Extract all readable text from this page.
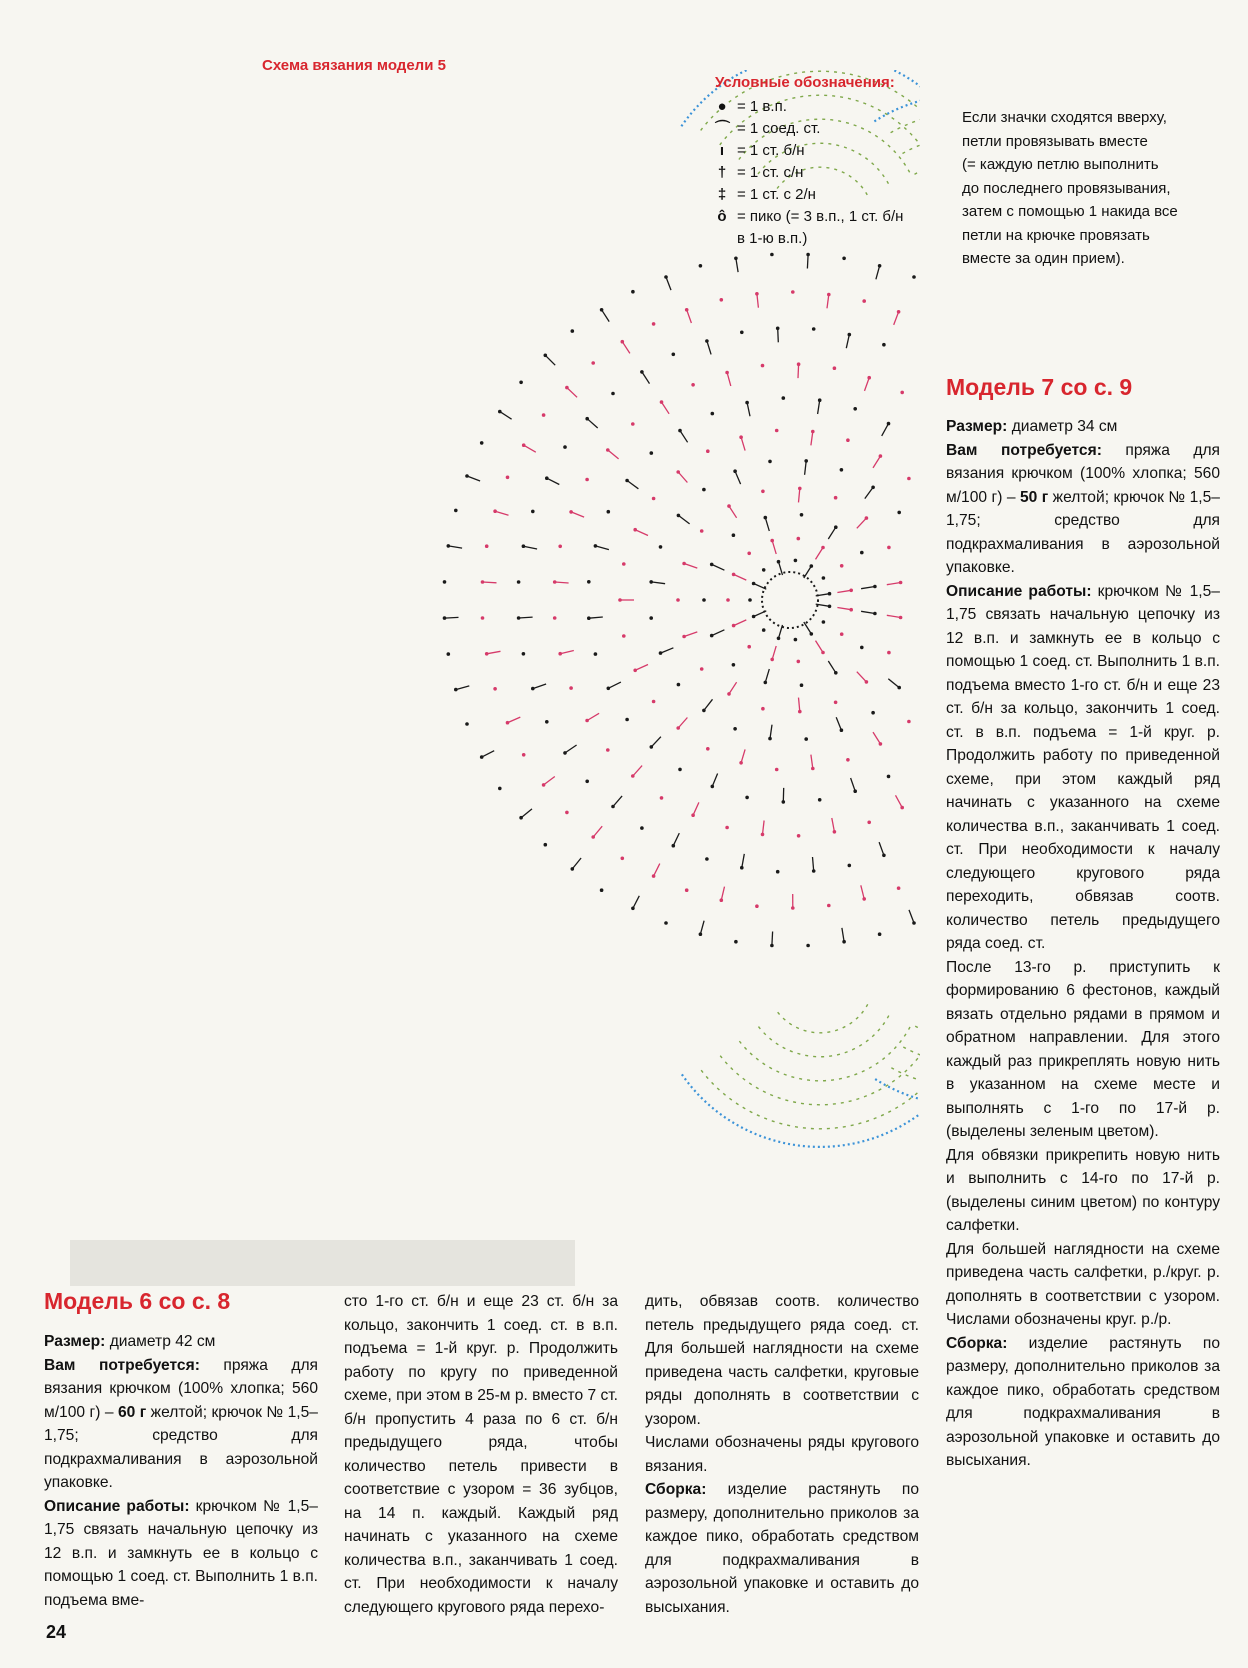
Схема вязания модели 5
Условные обозначения:
● = 1 в.п.
⌒ = 1 соед. ст.
ı = 1 ст. б/н
† = 1 ст. с/н
‡ = 1 ст. с 2/н
ô = пико (= 3 в.п., 1 ст. б/н
в 1-ю в.п.)
Если значки сходятся вверху,
петли провязывать вместе
(= каждую петлю выполнить
до последнего провязывания,
затем с помощью 1 накида все
петли на крючке провязать
вместе за один прием).
Модель 7 со с. 9

Размер: диаметр 34 см

Вам потребуется: пряжа для вязания крючком (100% хлопка; 560 м/100 г) – 50 г желтой; крючок № 1,5–1,75; средство для подкрахмаливания в аэрозольной упаковке.

Описание работы: крючком № 1,5–1,75 связать начальную цепочку из 12 в.п. и замкнуть ее в кольцо с помощью 1 соед. ст. Выполнить 1 в.п. подъема вместо 1-го ст. б/н и еще 23 ст. б/н за кольцо, закончить 1 соед. ст. в в.п. подъема = 1-й круг. р. Продолжить работу по приведенной схеме, при этом каждый ряд начинать с указанного на схеме количества в.п., заканчивать 1 соед. ст. При необходимости к началу следующего кругового ряда переходить, обвязав соотв. количество петель предыдущего ряда соед. ст.

После 13-го р. приступить к формированию 6 фестонов, каждый вязать отдельно рядами в прямом и обратном направлении. Для этого каждый раз прикреплять новую нить в указанном на схеме месте и выполнять с 1-го по 17-й р. (выделены зеленым цветом).

Для обвязки прикрепить новую нить и выполнить с 14-го по 17-й р. (выделены синим цветом) по контуру салфетки.

Для большей наглядности на схеме приведена часть салфетки, р./круг. р. дополнять в соответствии с узором. Числами обозначены круг. р./р.

Сборка: изделие растянуть по размеру, дополнительно приколов за каждое пико, обработать средством для подкрахмаливания в аэрозольной упаковке и оставить до высыхания.

Модель 6 со с. 8

Размер: диаметр 42 см

Вам потребуется: пряжа для вязания крючком (100% хлопка; 560 м/100 г) – 60 г желтой; крючок № 1,5–1,75; средство для подкрахмаливания в аэрозольной упаковке.

Описание работы: крючком № 1,5–1,75 связать начальную цепочку из 12 в.п. и замкнуть ее в кольцо с помощью 1 соед. ст. Выполнить 1 в.п. подъема вме-

сто 1-го ст. б/н и еще 23 ст. б/н за кольцо, закончить 1 соед. ст. в в.п. подъема = 1-й круг. р. Продолжить работу по кругу по приведенной схеме, при этом в 25-м р. вместо 7 ст. б/н пропустить 4 раза по 6 ст. б/н предыдущего ряда, чтобы количество петель привести в соответствие с узором = 36 зубцов, на 14 п. каждый. Каждый ряд начинать с указанного на схеме количества в.п., заканчивать 1 соед. ст. При необходимости к началу следующего кругового ряда перехо-

дить, обвязав соотв. количество петель предыдущего ряда соед. ст. Для большей наглядности на схеме приведена часть салфетки, круговые ряды дополнять в соответствии с узором.

Числами обозначены ряды кругового вязания.

Сборка: изделие растянуть по размеру, дополнительно приколов за каждое пико, обработать средством для подкрахмаливания в аэрозольной упаковке и оставить до высыхания.

24
